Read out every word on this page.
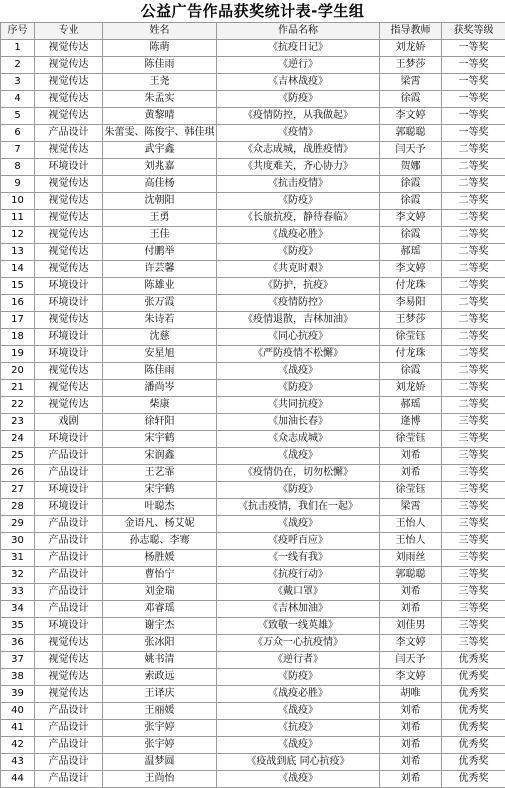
公益广告作品获奖统计表-学生组
序号	专业	姓名	作品名称	指导教师	获奖等级
1	视觉传达	陈萌	《抗疫日记》	刘龙娇	一等奖
2	视觉传达	陈佳雨	《逆行》	王梦莎	一等奖
3	视觉传达	王尧	《吉林战疫》	梁霄	一等奖
4	视觉传达	朱孟实	《防疫》	徐霞	一等奖
5	视觉传达	黄黎晴	《疫情防控，从我做起》	李文婷	一等奖
6	产品设计	朱蕾雯、陈俊宇、韩佳琪	《疫情》	郭聪聪	一等奖
7	视觉传达	武宇鑫	《众志成城，战胜疫情》	闫天予	二等奖
8	环境设计	刘兆嘉	《共度难关，齐心协力》	贺娜	二等奖
9	视觉传达	高佳杨	《抗击疫情》	徐霞	二等奖
10	视觉传达	沈朝阳	《防疫》	徐霞	二等奖
11	视觉传达	王勇	《长旅抗疫，静待春临》	李文婷	二等奖
12	视觉传达	王佳	《战疫必胜》	徐霞	二等奖
13	视觉传达	付鹏举	《防疫》	郝瑶	二等奖
14	视觉传达	许芸馨	《共克时艰》	李文婷	二等奖
15	环境设计	陈雄业	《防护，抗疫》	付龙珠	二等奖
16	环境设计	张万霞	《疫情防控》	李易阳	二等奖
17	视觉传达	朱诗若	《疫情退散，吉林加油》	王梦莎	二等奖
18	环境设计	沈慈	《同心抗疫》	徐莹钰	二等奖
19	环境设计	安星旭	《严防疫情不松懈》	付龙珠	二等奖
20	视觉传达	陈佳雨	《战疫》	徐霞	二等奖
21	视觉传达	潘尚岑	《防疫》	刘龙娇	二等奖
22	视觉传达	柴康	《共同抗疫》	郝瑶	二等奖
23	戏剧	徐轩阳	《加油长春》	逄博	三等奖
24	环境设计	宋宇鹤	《众志成城》	徐莹钰	三等奖
25	产品设计	宋润鑫	《战疫》	刘希	三等奖
26	产品设计	王艺霏	《疫情仍在，切勿松懈》	刘希	三等奖
27	环境设计	宋宇鹤	《防疫》	徐莹钰	三等奖
28	环境设计	叶聪杰	《抗击疫情，我们在一起》	梁霄	三等奖
29	产品设计	金语凡、杨艾妮	《战疫》	王怡人	三等奖
30	产品设计	孙志聪、李骞	《疫呼百应》	王怡人	三等奖
31	产品设计	杨胜媛	《一线有我》	刘雨丝	三等奖
32	产品设计	曹怡宁	《抗疫行动》	郭聪聪	三等奖
33	产品设计	刘金瑞	《戴口罩》	刘希	三等奖
34	产品设计	邓睿瑶	《吉林加油》	刘希	三等奖
35	环境设计	谢宇杰	《致敬一线英雄》	刘佳男	三等奖
36	视觉传达	张冰阳	《万众一心抗疫情》	李文婷	三等奖
37	视觉传达	姚书清	《逆行者》	闫天予	优秀奖
38	视觉传达	索政远	《防疫》	李文婷	优秀奖
39	视觉传达	王译庆	《战疫必胜》	胡唯	优秀奖
40	产品设计	王丽媛	《战疫》	刘希	优秀奖
41	产品设计	张宇婷	《抗疫》	刘希	优秀奖
42	产品设计	张宇婷	《战疫》	刘希	优秀奖
43	产品设计	温梦圆	《疫战到底 同心抗疫》	刘希	优秀奖
44	产品设计	王尚怡	《战疫》	刘希	优秀奖
